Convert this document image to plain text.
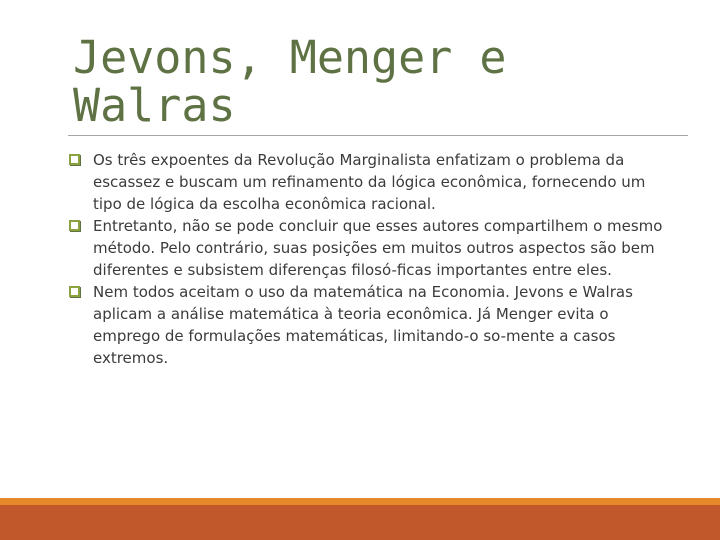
Jevons, Menger e
Walras
Os três expoentes da Revolução Marginalista enfatizam o problema da escassez e buscam um refinamento da lógica econômica, fornecendo um tipo de lógica da escolha econômica racional.
Entretanto, não se pode concluir que esses autores compartilhem o mesmo método. Pelo contrário, suas posições em muitos outros aspectos são bem diferentes e subsistem diferenças filosó-ficas importantes entre eles.
Nem todos aceitam o uso da matemática na Economia. Jevons e Walras aplicam a análise matemática à teoria econômica. Já Menger evita o emprego de formulações matemáticas, limitando-o so-mente a casos extremos.
